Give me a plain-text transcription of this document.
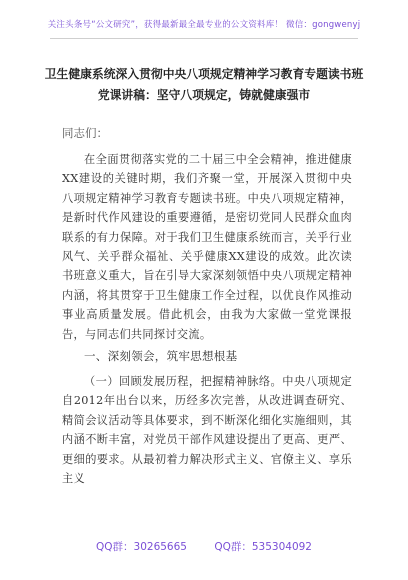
关注头条号“公文研究”，获得最新最全最专业的公文资料库！ 微信：gongwenyj
卫生健康系统深入贯彻中央八项规定精神学习教育专题读书班党课讲稿：坚守八项规定，铸就健康强市
同志们：
在全面贯彻落实党的二十届三中全会精神，推进健康XX建设的关键时期，我们齐聚一堂，开展深入贯彻中央八项规定精神学习教育专题读书班。中央八项规定精神，是新时代作风建设的重要遵循，是密切党同人民群众血肉联系的有力保障。对于我们卫生健康系统而言，关乎行业风气、关乎群众福祉、关乎健康XX建设的成效。此次读书班意义重大，旨在引导大家深刻领悟中央八项规定精神内涵，将其贯穿于卫生健康工作全过程，以优良作风推动事业高质量发展。借此机会，由我为大家做一堂党课报告，与同志们共同探讨交流。
一、深刻领会，筑牢思想根基
（一）回顾发展历程，把握精神脉络。中央八项规定自2012年出台以来，历经多次完善，从改进调查研究、精简会议活动等具体要求，到不断深化细化实施细则，其内涵不断丰富，对党员干部作风建设提出了更高、更严、更细的要求。从最初着力解决形式主义、官僚主义、享乐主义
QQ群：30265665	QQ群：535304092
